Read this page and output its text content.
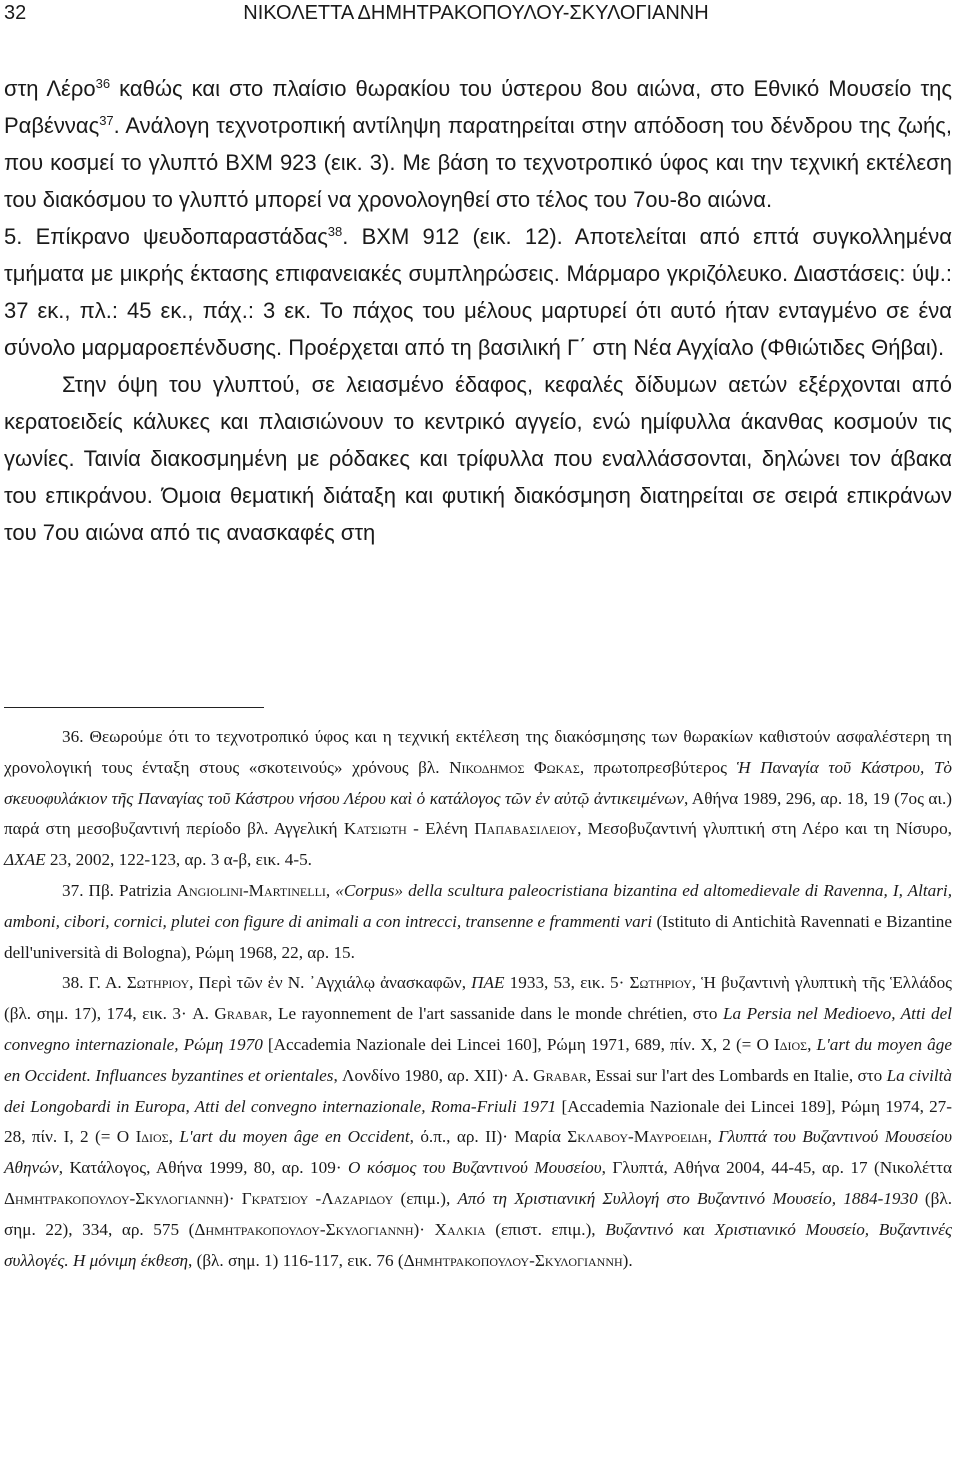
32	ΝΙΚΟΛΕΤΤΑ ΔΗΜΗΤΡΑΚΟΠΟΥΛΟΥ-ΣΚΥΛΟΓΙΑΝΝΗ

στη Λέρο$^{36}$ καθώς και στο πλαίσιο θωρακίου του ύστερου 8ου αιώνα, στο Εθνικό Μουσείο της Ραβέννας$^{37}$. Ανάλογη τεχνοτροπική αντίληψη παρατηρείται στην απόδοση του δένδρου της ζωής, που κοσμεί το γλυπτό ΒΧΜ 923 (εικ. 3). Με βάση το τεχνοτροπικό ύφος και την τεχνική εκτέλεση του διακόσμου το γλυπτό μπορεί να χρονολογηθεί στο τέλος του 7ου-8ο αιώνα.

5. Επίκρανο ψευδοπαραστάδας$^{38}$. ΒΧΜ 912 (εικ. 12). Αποτελείται από επτά συγκολλημένα τμήματα με μικρής έκτασης επιφανειακές συμπληρώσεις. Μάρμαρο γκριζόλευκο. Διαστάσεις: ύψ.: 37 εκ., πλ.: 45 εκ., πάχ.: 3 εκ. Το πάχος του μέλους μαρτυρεί ότι αυτό ήταν ενταγμένο σε ένα σύνολο μαρμαροεπένδυσης. Προέρχεται από τη βασιλική Γ΄ στη Νέα Αγχίαλο (Φθιώτιδες Θήβαι).

Στην όψη του γλυπτού, σε λειασμένο έδαφος, κεφαλές δίδυμων αετών εξέρχονται από κερατοειδείς κάλυκες και πλαισιώνουν το κεντρικό αγγείο, ενώ ημίφυλλα άκανθας κοσμούν τις γωνίες. Ταινία διακοσμημένη με ρόδακες και τρίφυλλα που εναλλάσσονται, δηλώνει τον άβακα του επικράνου. Όμοια θεματική διάταξη και φυτική διακόσμηση διατηρείται σε σειρά επικράνων του 7ου αιώνα από τις ανασκαφές στη

36. Θεωρούμε ότι το τεχνοτροπικό ύφος και η τεχνική εκτέλεση της διακόσμησης των θωρακίων καθιστούν ασφαλέστερη τη χρονολογική τους ένταξη στους «σκοτεινούς» χρόνους βλ. Νικοδημος Φωκας, πρωτοπρεσβύτερος Ἡ Παναγία τοῦ Κάστρου, Τὸ σκευοφυλάκιον τῆς Παναγίας τοῦ Κάστρου νήσου Λέρου καὶ ὁ κατάλογος τῶν ἐν αὐτῷ ἀντικειμένων, Αθήνα 1989, 296, αρ. 18, 19 (7ος αι.) παρά στη μεσοβυζαντινή περίοδο βλ. Αγγελική Κατσιωτη - Ελένη Παπαβασιλειου, Μεσοβυζαντινή γλυπτική στη Λέρο και τη Νίσυρο, ΔΧΑΕ 23, 2002, 122-123, αρ. 3 α-β, εικ. 4-5.

37. Πβ. Patrizia Angiolini-Martinelli, «Corpus» della scultura paleocristiana bizantina ed altomedievale di Ravenna, I, Altari, amboni, cibori, cornici, plutei con figure di animali a con intrecci, transenne e frammenti vari (Istituto di Antichità Ravennati e Bizantine dell'università di Bologna), Ρώμη 1968, 22, αρ. 15.

38. Γ. Α. Σωτηριου, Περὶ τῶν ἐν Ν. ᾿Αγχιάλῳ ἀνασκαφῶν, ΠΑΕ 1933, 53, εικ. 5· Σωτηριου, Ἡ βυζαντινὴ γλυπτικὴ τῆς Ἑλλάδος (βλ. σημ. 17), 174, εικ. 3· A. Grabar, Le rayonnement de l'art sassanide dans le monde chrétien, στο La Persia nel Medioevo, Atti del convegno internazionale, Ρώμη 1970 [Accademia Nazionale dei Lincei 160], Ρώμη 1971, 689, πίν. X, 2 (= Ο Ιδιος, L'art du moyen âge en Occident. Influances byzantines et orientales, Λονδίνο 1980, αρ. XII)· A. Grabar, Essai sur l'art des Lombards en Italie, στο La civiltà dei Longobardi in Europa, Atti del convegno internazionale, Roma-Friuli 1971 [Accademia Nazionale dei Lincei 189], Ρώμη 1974, 27-28, πίν. I, 2 (= Ο Ιδιος, L'art du moyen âge en Occident, ό.π., αρ. II)· Μαρία Σκλαβου-Μαυροειδη, Γλυπτά του Βυζαντινού Μουσείου Αθηνών, Κατάλογος, Αθήνα 1999, 80, αρ. 109· Ο κόσμος του Βυζαντινού Μουσείου, Γλυπτά, Αθήνα 2004, 44-45, αρ. 17 (Νικολέττα Δημητρακοπουλου-Σκυλογιαννη)· Γκρατσιου -Λαζαριδου (επιμ.), Από τη Χριστιανική Συλλογή στο Βυζαντινό Μουσείο, 1884-1930 (βλ. σημ. 22), 334, αρ. 575 (Δημητρακοπουλου-Σκυλογιαννη)· Χαλκια (επιστ. επιμ.), Βυζαντινό και Χριστιανικό Μουσείο, Βυζαντινές συλλογές. Η μόνιμη έκθεση, (βλ. σημ. 1) 116-117, εικ. 76 (Δημητρακοπουλου-Σκυλογιαννη).
